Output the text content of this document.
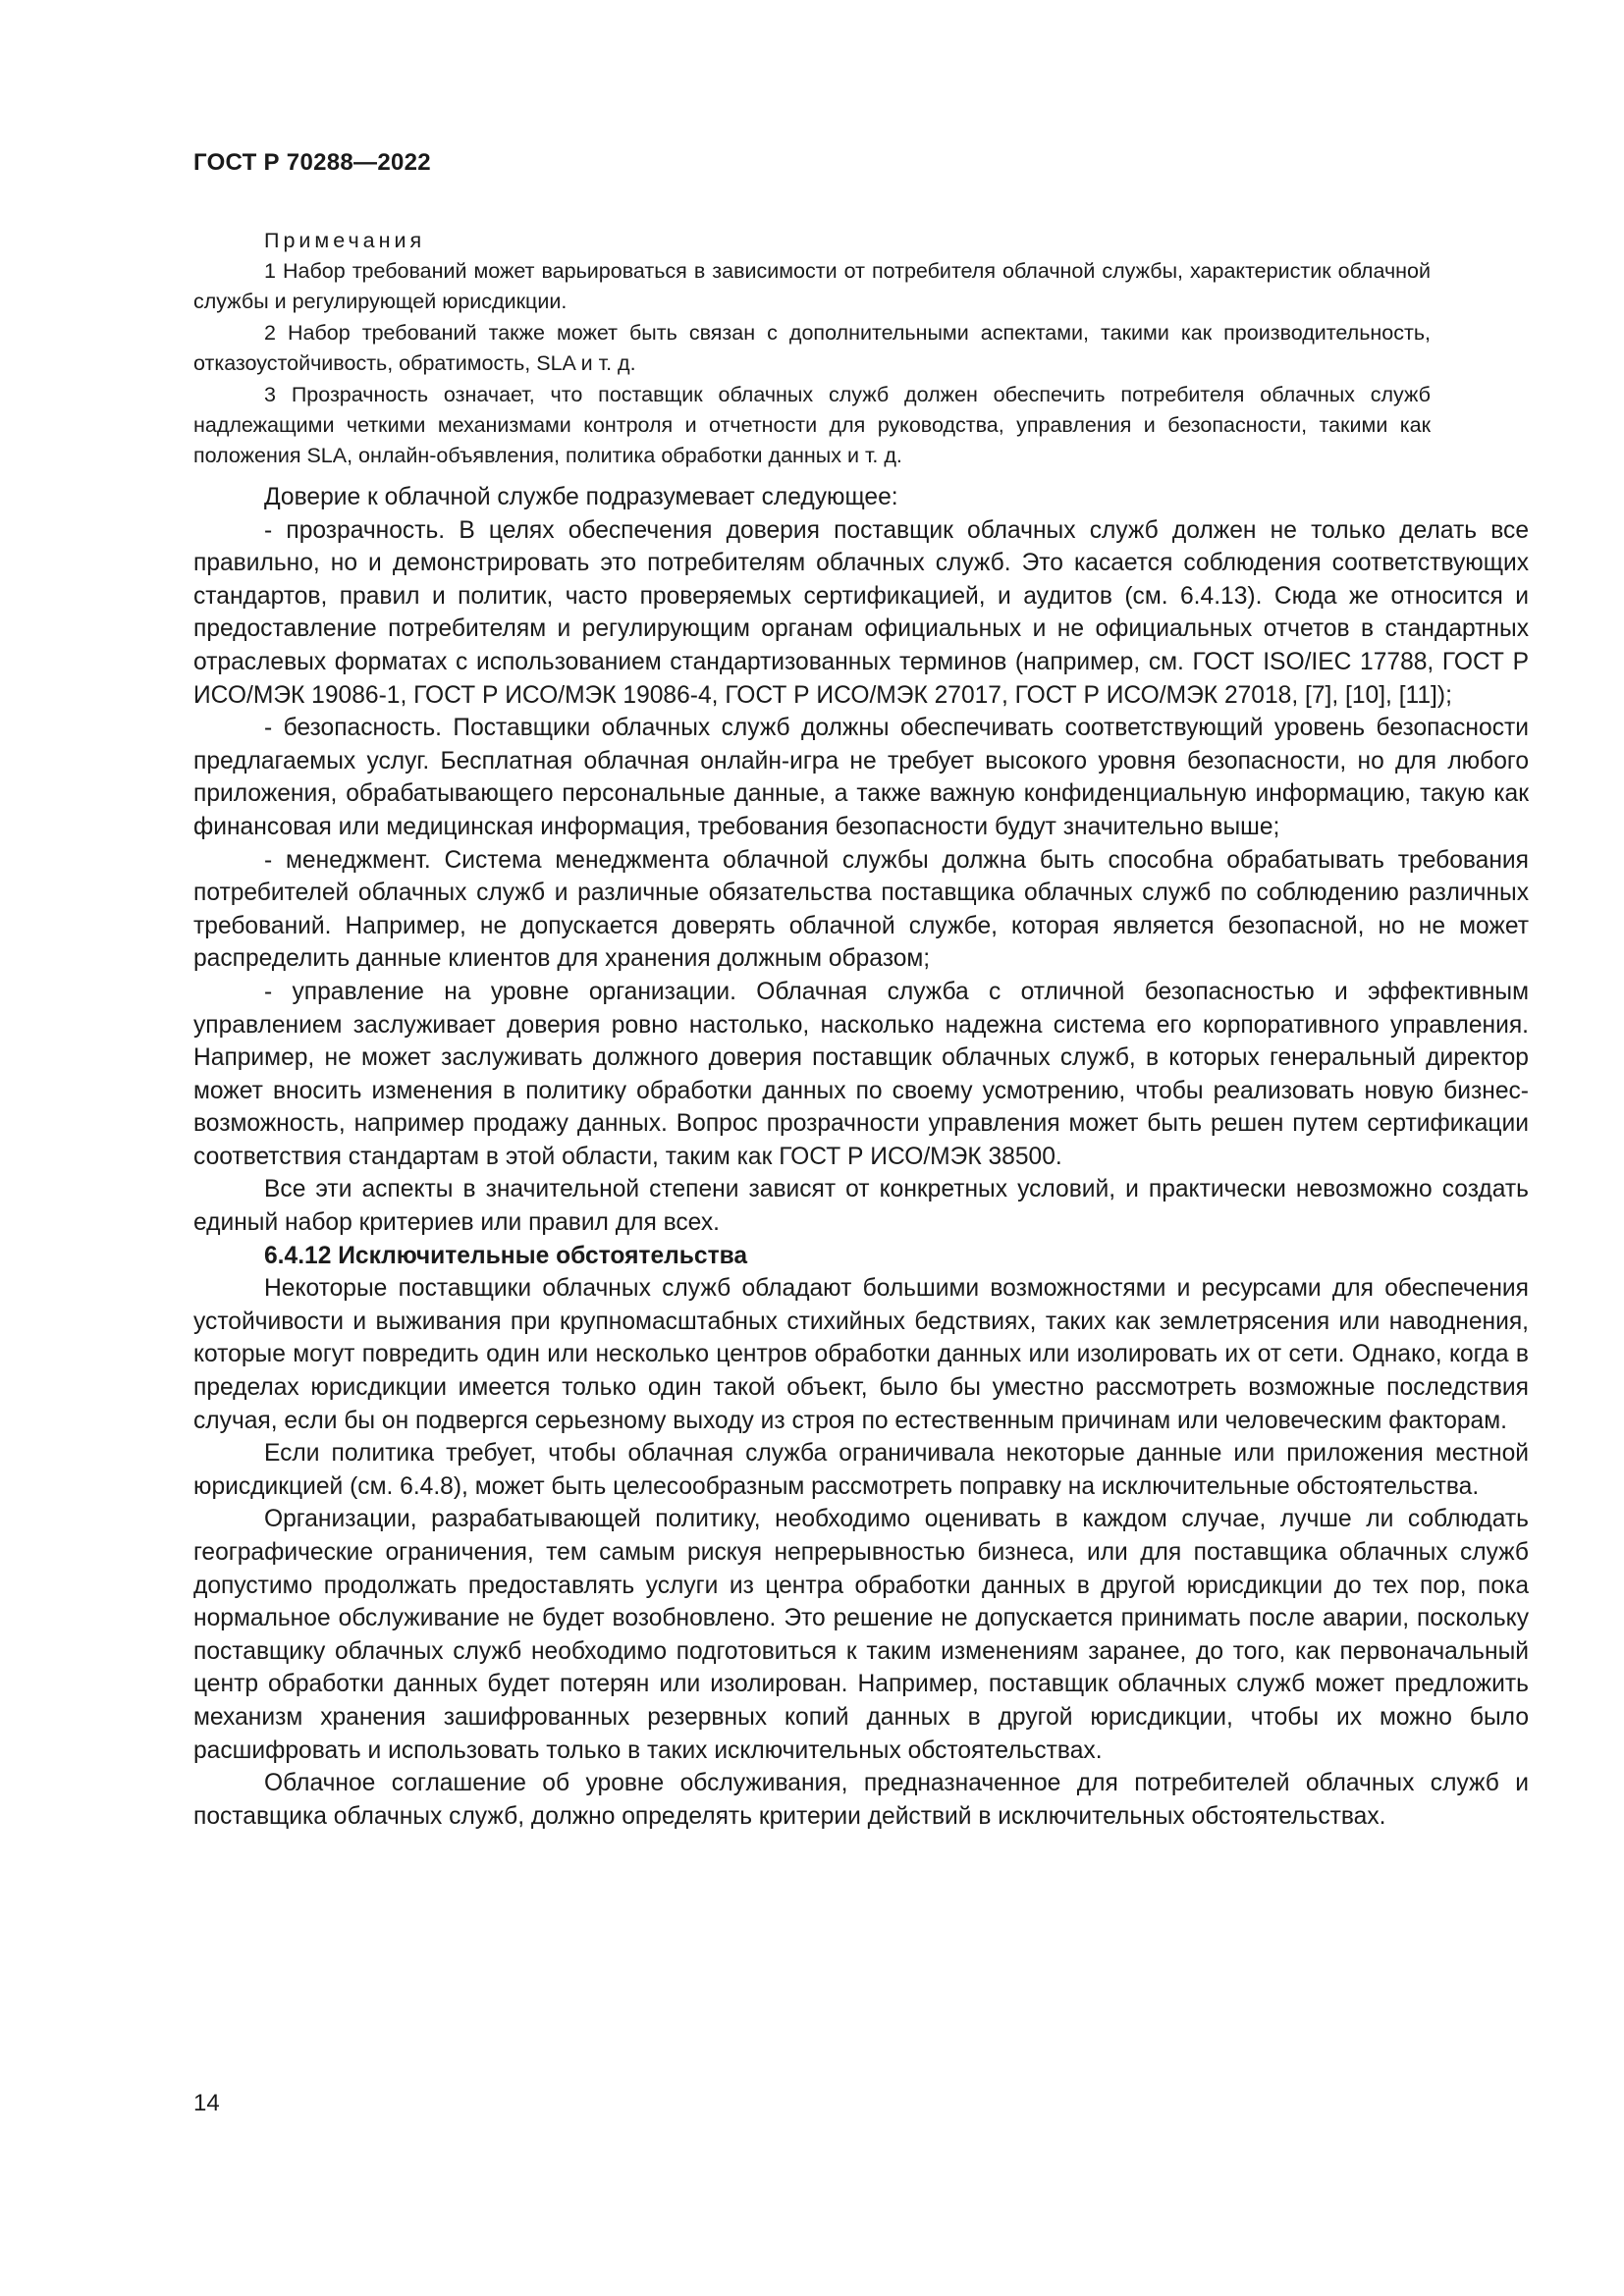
ГОСТ Р 70288—2022
Примечания

1 Набор требований может варьироваться в зависимости от потребителя облачной службы, характеристик облачной службы и регулирующей юрисдикции.

2 Набор требований также может быть связан с дополнительными аспектами, такими как производительность, отказоустойчивость, обратимость, SLA и т. д.

3 Прозрачность означает, что поставщик облачных служб должен обеспечить потребителя облачных служб надлежащими четкими механизмами контроля и отчетности для руководства, управления и безопасности, такими как положения SLA, онлайн-объявления, политика обработки данных и т. д.

Доверие к облачной службе подразумевает следующее:

- прозрачность. В целях обеспечения доверия поставщик облачных служб должен не только делать все правильно, но и демонстрировать это потребителям облачных служб. Это касается соблюдения соответствующих стандартов, правил и политик, часто проверяемых сертификацией, и аудитов (см. 6.4.13). Сюда же относится и предоставление потребителям и регулирующим органам официальных и не официальных отчетов в стандартных отраслевых форматах с использованием стандартизованных терминов (например, см. ГОСТ ISO/IEC 17788, ГОСТ Р ИСО/МЭК 19086-1, ГОСТ Р ИСО/МЭК 19086-4, ГОСТ Р ИСО/МЭК 27017, ГОСТ Р ИСО/МЭК 27018, [7], [10], [11]);

- безопасность. Поставщики облачных служб должны обеспечивать соответствующий уровень безопасности предлагаемых услуг. Бесплатная облачная онлайн-игра не требует высокого уровня безопасности, но для любого приложения, обрабатывающего персональные данные, а также важную конфиденциальную информацию, такую как финансовая или медицинская информация, требования безопасности будут значительно выше;

- менеджмент. Система менеджмента облачной службы должна быть способна обрабатывать требования потребителей облачных служб и различные обязательства поставщика облачных служб по соблюдению различных требований. Например, не допускается доверять облачной службе, которая является безопасной, но не может распределить данные клиентов для хранения должным образом;

- управление на уровне организации. Облачная служба с отличной безопасностью и эффективным управлением заслуживает доверия ровно настолько, насколько надежна система его корпоративного управления. Например, не может заслуживать должного доверия поставщик облачных служб, в которых генеральный директор может вносить изменения в политику обработки данных по своему усмотрению, чтобы реализовать новую бизнес-возможность, например продажу данных. Вопрос прозрачности управления может быть решен путем сертификации соответствия стандартам в этой области, таким как ГОСТ Р ИСО/МЭК 38500.

Все эти аспекты в значительной степени зависят от конкретных условий, и практически невозможно создать единый набор критериев или правил для всех.

6.4.12 Исключительные обстоятельства

Некоторые поставщики облачных служб обладают большими возможностями и ресурсами для обеспечения устойчивости и выживания при крупномасштабных стихийных бедствиях, таких как землетрясения или наводнения, которые могут повредить один или несколько центров обработки данных или изолировать их от сети. Однако, когда в пределах юрисдикции имеется только один такой объект, было бы уместно рассмотреть возможные последствия случая, если бы он подвергся серьезному выходу из строя по естественным причинам или человеческим факторам.

Если политика требует, чтобы облачная служба ограничивала некоторые данные или приложения местной юрисдикцией (см. 6.4.8), может быть целесообразным рассмотреть поправку на исключительные обстоятельства.

Организации, разрабатывающей политику, необходимо оценивать в каждом случае, лучше ли соблюдать географические ограничения, тем самым рискуя непрерывностью бизнеса, или для поставщика облачных служб допустимо продолжать предоставлять услуги из центра обработки данных в другой юрисдикции до тех пор, пока нормальное обслуживание не будет возобновлено. Это решение не допускается принимать после аварии, поскольку поставщику облачных служб необходимо подготовиться к таким изменениям заранее, до того, как первоначальный центр обработки данных будет потерян или изолирован. Например, поставщик облачных служб может предложить механизм хранения зашифрованных резервных копий данных в другой юрисдикции, чтобы их можно было расшифровать и использовать только в таких исключительных обстоятельствах.

Облачное соглашение об уровне обслуживания, предназначенное для потребителей облачных служб и поставщика облачных служб, должно определять критерии действий в исключительных обстоятельствах.

14
